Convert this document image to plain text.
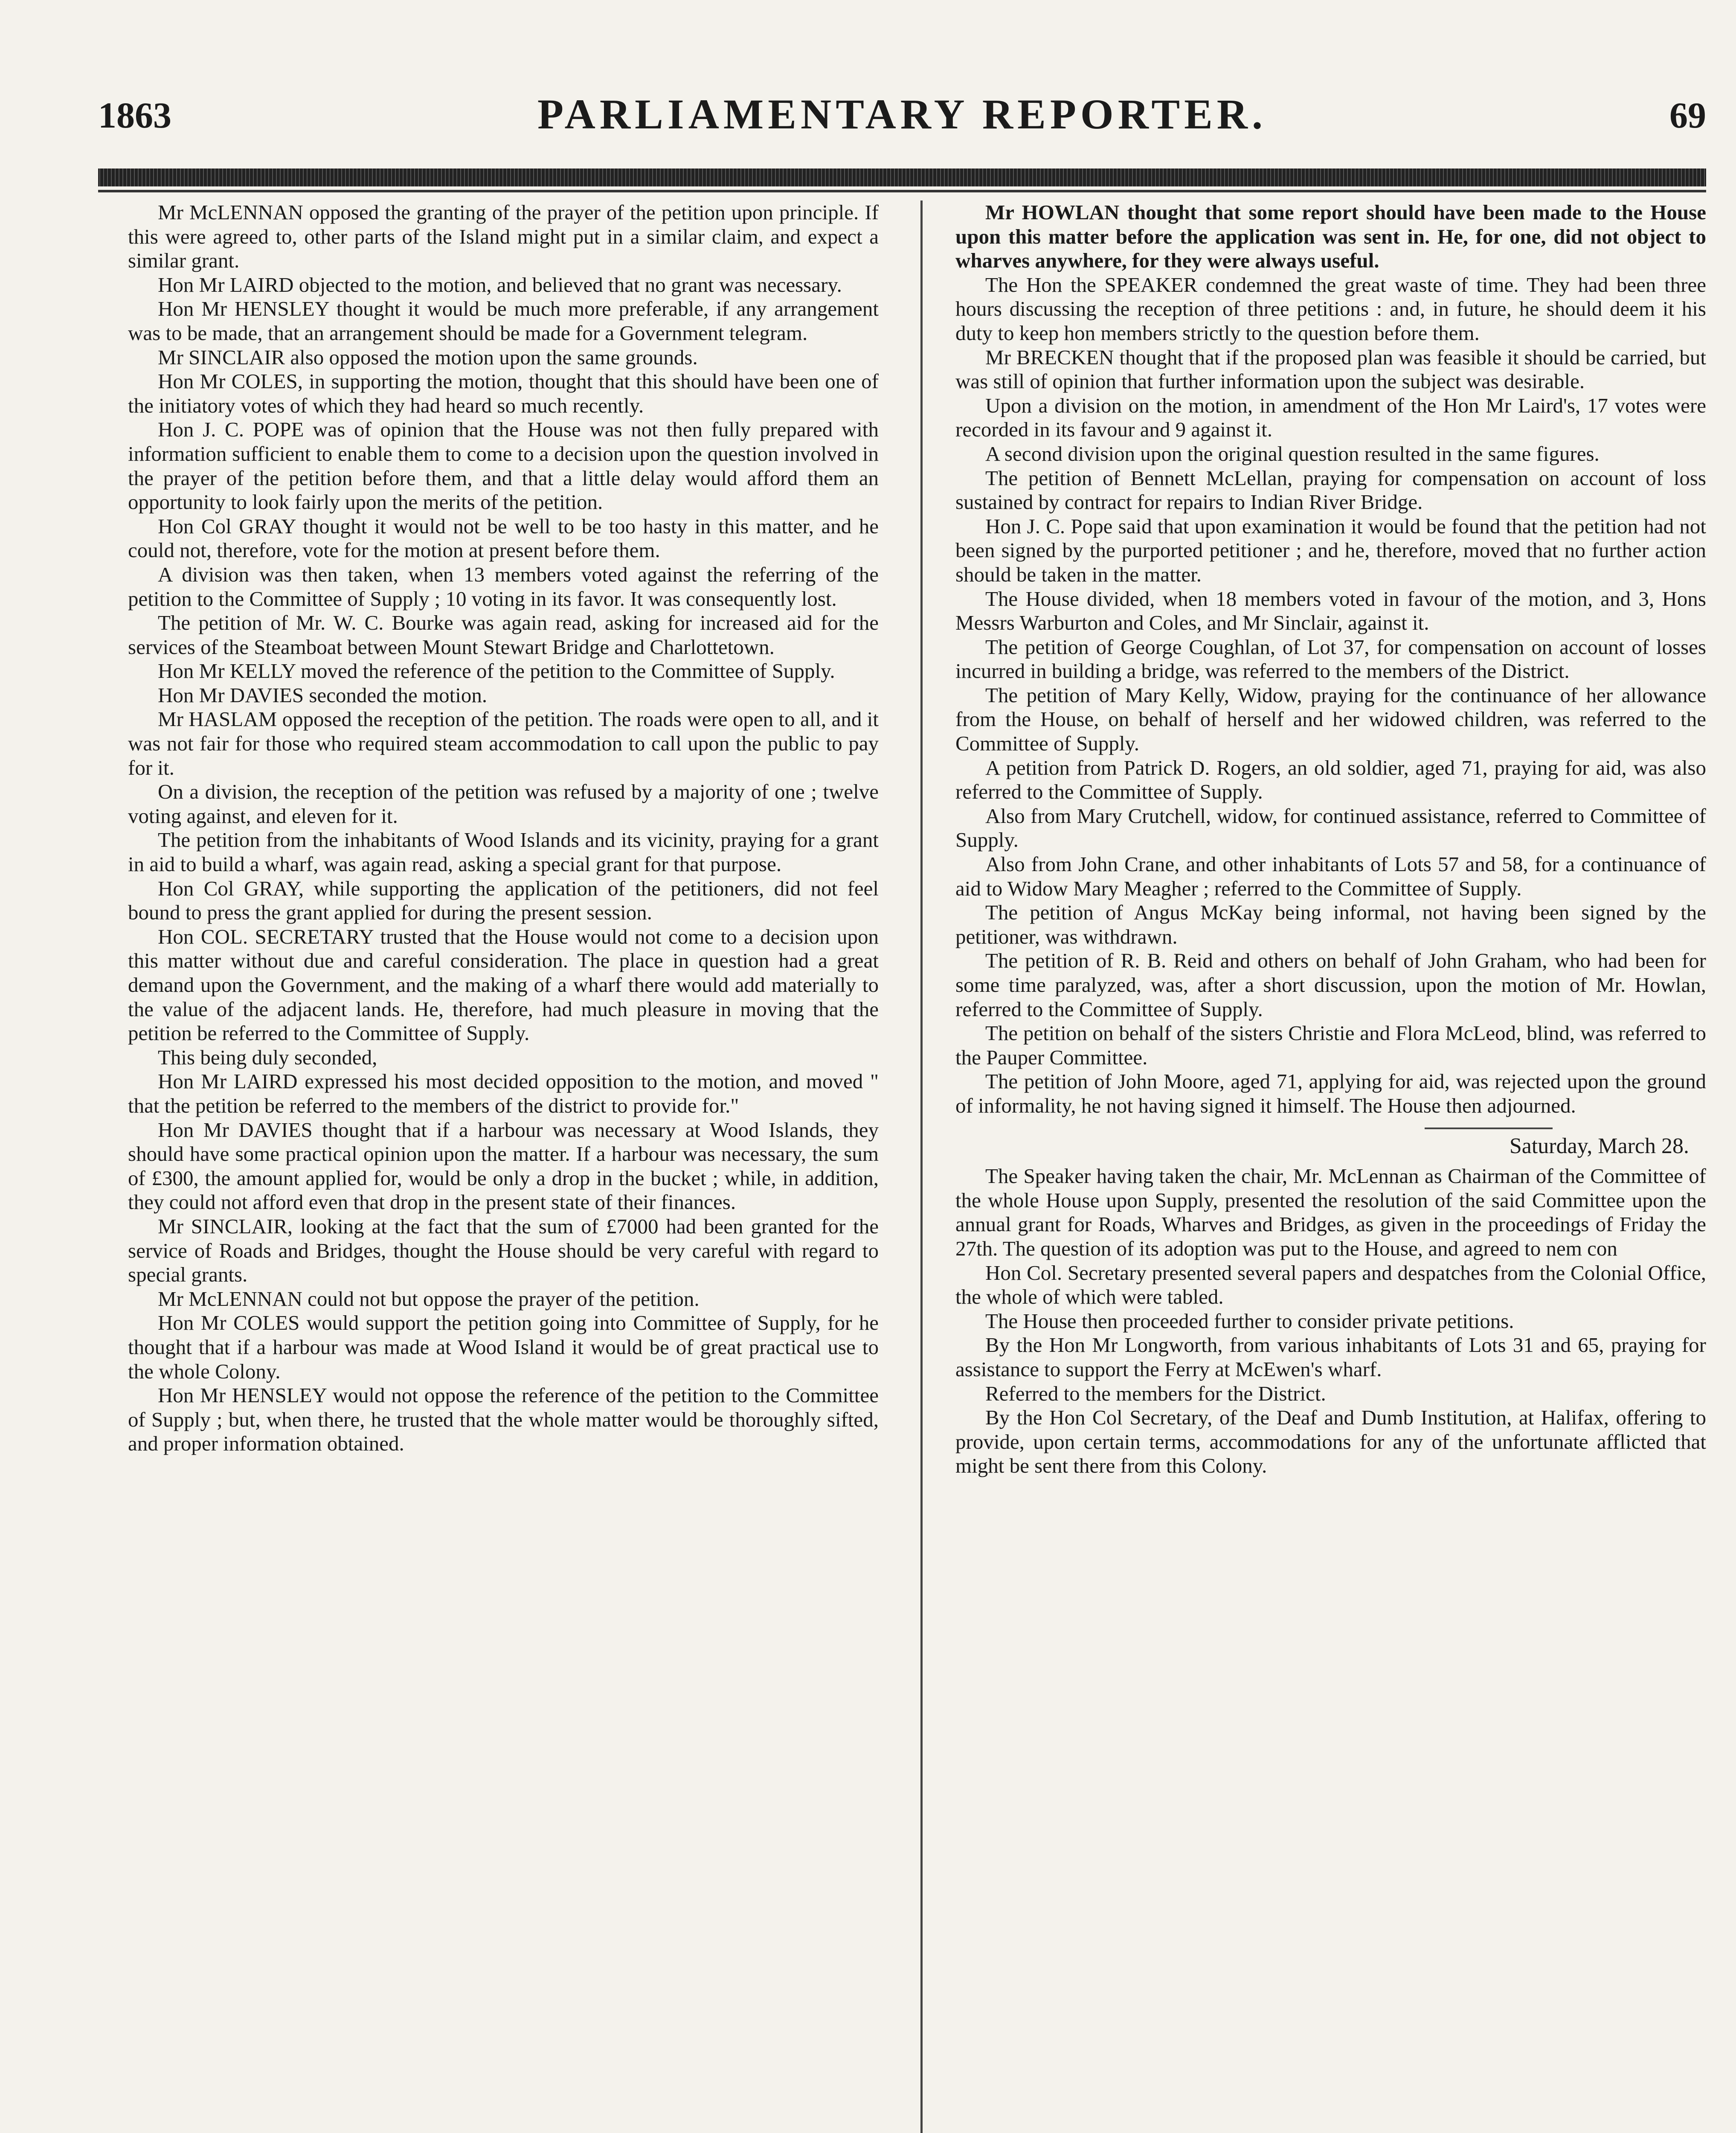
1863	PARLIAMENTARY REPORTER.	69

Mr McLENNAN opposed the granting of the prayer of the petition upon principle. If this were agreed to, other parts of the Island might put in a similar claim, and expect a similar grant.

Hon Mr LAIRD objected to the motion, and believed that no grant was necessary.

Hon Mr HENSLEY thought it would be much more preferable, if any arrangement was to be made, that an arrangement should be made for a Government telegram.

Mr SINCLAIR also opposed the motion upon the same grounds.

Hon Mr COLES, in supporting the motion, thought that this should have been one of the initiatory votes of which they had heard so much recently.

Hon J. C. POPE was of opinion that the House was not then fully prepared with information sufficient to enable them to come to a decision upon the question involved in the prayer of the petition before them, and that a little delay would afford them an opportunity to look fairly upon the merits of the petition.

Hon Col GRAY thought it would not be well to be too hasty in this matter, and he could not, therefore, vote for the motion at present before them.

A division was then taken, when 13 members voted against the referring of the petition to the Committee of Supply ; 10 voting in its favor. It was consequently lost.

The petition of Mr. W. C. Bourke was again read, asking for increased aid for the services of the Steamboat between Mount Stewart Bridge and Charlottetown.

Hon Mr KELLY moved the reference of the petition to the Committee of Supply.

Hon Mr DAVIES seconded the motion.

Mr HASLAM opposed the reception of the petition. The roads were open to all, and it was not fair for those who required steam accommodation to call upon the public to pay for it.

On a division, the reception of the petition was refused by a majority of one ; twelve voting against, and eleven for it.

The petition from the inhabitants of Wood Islands and its vicinity, praying for a grant in aid to build a wharf, was again read, asking a special grant for that purpose.

Hon Col GRAY, while supporting the application of the petitioners, did not feel bound to press the grant applied for during the present session.

Hon COL. SECRETARY trusted that the House would not come to a decision upon this matter without due and careful consideration. The place in question had a great demand upon the Government, and the making of a wharf there would add materially to the value of the adjacent lands. He, therefore, had much pleasure in moving that the petition be referred to the Committee of Supply.

This being duly seconded,

Hon Mr LAIRD expressed his most decided opposition to the motion, and moved " that the petition be referred to the members of the district to provide for."

Hon Mr DAVIES thought that if a harbour was necessary at Wood Islands, they should have some practical opinion upon the matter. If a harbour was necessary, the sum of £300, the amount applied for, would be only a drop in the bucket ; while, in addition, they could not afford even that drop in the present state of their finances.

Mr SINCLAIR, looking at the fact that the sum of £7000 had been granted for the service of Roads and Bridges, thought the House should be very careful with regard to special grants.

Mr McLENNAN could not but oppose the prayer of the petition.

Hon Mr COLES would support the petition going into Committee of Supply, for he thought that if a harbour was made at Wood Island it would be of great practical use to the whole Colony.

Hon Mr HENSLEY would not oppose the reference of the petition to the Committee of Supply ; but, when there, he trusted that the whole matter would be thoroughly sifted, and proper information obtained.

Mr HOWLAN thought that some report should have been made to the House upon this matter before the application was sent in. He, for one, did not object to wharves anywhere, for they were always useful.

The Hon the SPEAKER condemned the great waste of time. They had been three hours discussing the reception of three petitions : and, in future, he should deem it his duty to keep hon members strictly to the question before them.

Mr BRECKEN thought that if the proposed plan was feasible it should be carried, but was still of opinion that further information upon the subject was desirable.

Upon a division on the motion, in amendment of the Hon Mr Laird's, 17 votes were recorded in its favour and 9 against it.

A second division upon the original question resulted in the same figures.

The petition of Bennett McLellan, praying for compensation on account of loss sustained by contract for repairs to Indian River Bridge.

Hon J. C. Pope said that upon examination it would be found that the petition had not been signed by the purported petitioner ; and he, therefore, moved that no further action should be taken in the matter.

The House divided, when 18 members voted in favour of the motion, and 3, Hons Messrs Warburton and Coles, and Mr Sinclair, against it.

The petition of George Coughlan, of Lot 37, for compensation on account of losses incurred in building a bridge, was referred to the members of the District.

The petition of Mary Kelly, Widow, praying for the continuance of her allowance from the House, on behalf of herself and her widowed children, was referred to the Committee of Supply.

A petition from Patrick D. Rogers, an old soldier, aged 71, praying for aid, was also referred to the Committee of Supply.

Also from Mary Crutchell, widow, for continued assistance, referred to Committee of Supply.

Also from John Crane, and other inhabitants of Lots 57 and 58, for a continuance of aid to Widow Mary Meagher ; referred to the Committee of Supply.

The petition of Angus McKay being informal, not having been signed by the petitioner, was withdrawn.

The petition of R. B. Reid and others on behalf of John Graham, who had been for some time paralyzed, was, after a short discussion, upon the motion of Mr. Howlan, referred to the Committee of Supply.

The petition on behalf of the sisters Christie and Flora McLeod, blind, was referred to the Pauper Committee.

The petition of John Moore, aged 71, applying for aid, was rejected upon the ground of informality, he not having signed it himself. The House then adjourned.

Saturday, March 28.

The Speaker having taken the chair, Mr. McLennan as Chairman of the Committee of the whole House upon Supply, presented the resolution of the said Committee upon the annual grant for Roads, Wharves and Bridges, as given in the proceedings of Friday the 27th. The question of its adoption was put to the House, and agreed to nem con

Hon Col. Secretary presented several papers and despatches from the Colonial Office, the whole of which were tabled.

The House then proceeded further to consider private petitions.

By the Hon Mr Longworth, from various inhabitants of Lots 31 and 65, praying for assistance to support the Ferry at McEwen's wharf.

Referred to the members for the District.

By the Hon Col Secretary, of the Deaf and Dumb Institution, at Halifax, offering to provide, upon certain terms, accommodations for any of the unfortunate afflicted that might be sent there from this Colony.
